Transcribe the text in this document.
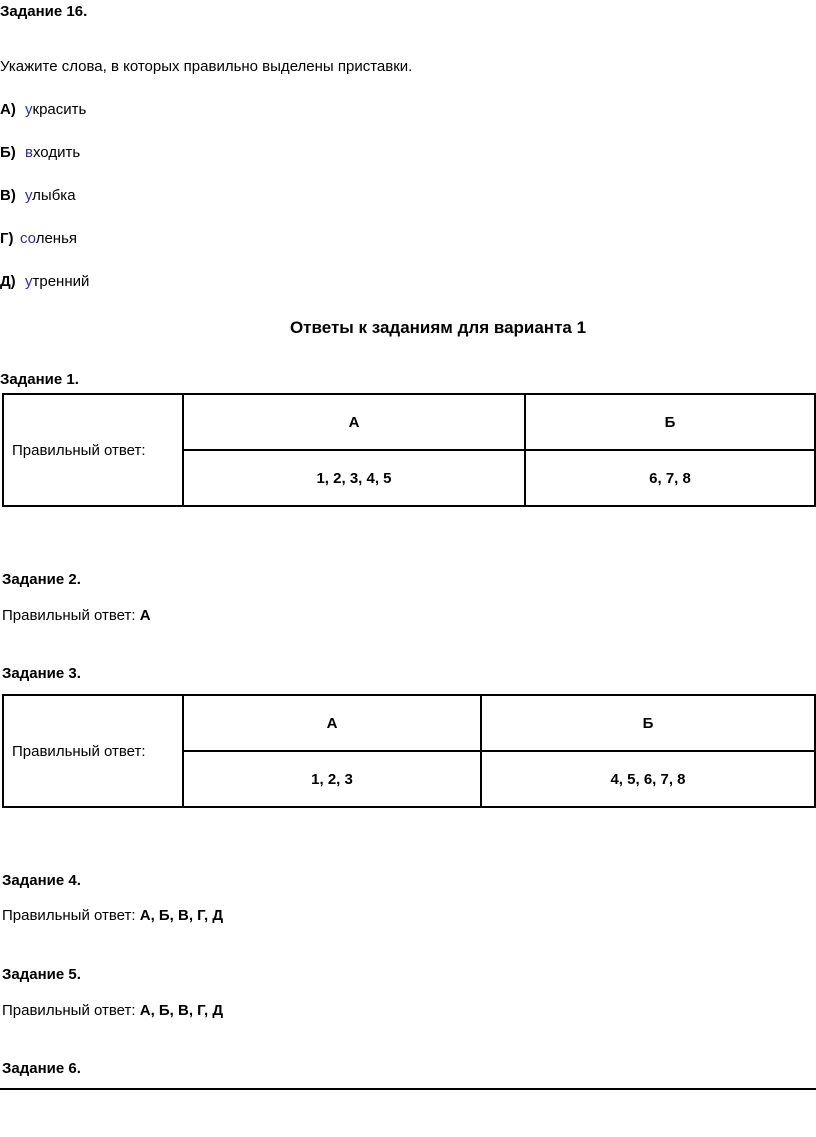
Задание 16.
Укажите слова, в которых правильно выделены приставки.
А) украсить
Б) входить
В) улыбка
Г) соленья
Д) утренний
Ответы к заданиям для варианта 1
Задание 1.
Правильный ответ:	А	Б
	1, 2, 3, 4, 5	6, 7, 8
Задание 2.
Правильный ответ: А
Задание 3.
Правильный ответ:	А	Б
	1, 2, 3	4, 5, 6, 7, 8
Задание 4.
Правильный ответ: А, Б, В, Г, Д
Задание 5.
Правильный ответ: А, Б, В, Г, Д
Задание 6.
